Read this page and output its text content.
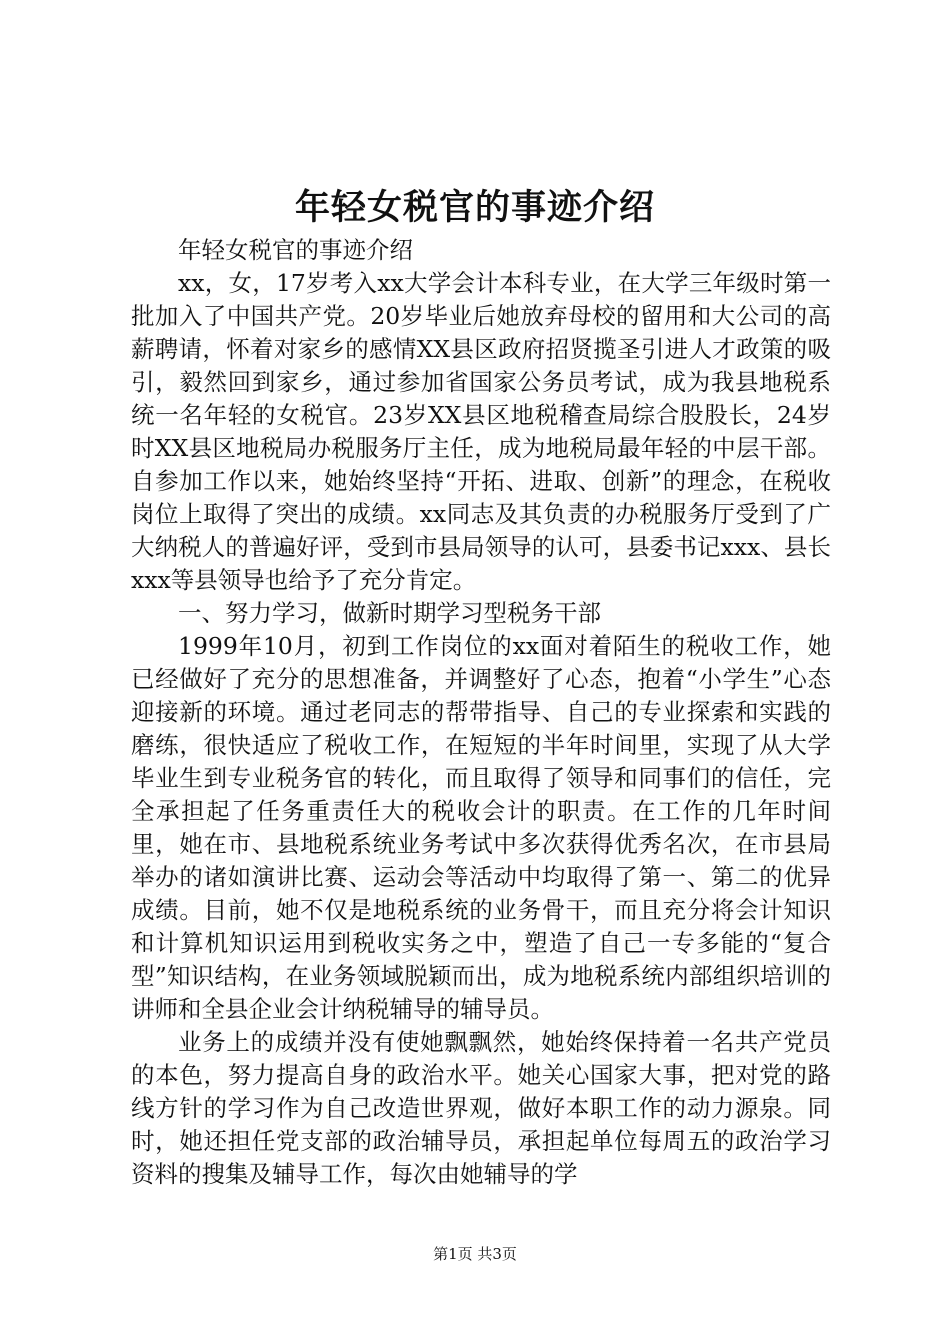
年轻女税官的事迹介绍

年轻女税官的事迹介绍

xx，女，17岁考入xx大学会计本科专业，在大学三年级时第一批加入了中国共产党。20岁毕业后她放弃母校的留用和大公司的高薪聘请，怀着对家乡的感情XX县区政府招贤揽圣引进人才政策的吸引，毅然回到家乡，通过参加省国家公务员考试，成为我县地税系统一名年轻的女税官。23岁XX县区地税稽查局综合股股长，24岁时XX县区地税局办税服务厅主任，成为地税局最年轻的中层干部。自参加工作以来，她始终坚持“开拓、进取、创新”的理念，在税收岗位上取得了突出的成绩。xx同志及其负责的办税服务厅受到了广大纳税人的普遍好评，受到市县局领导的认可，县委书记xxx、县长xxx等县领导也给予了充分肯定。

一、努力学习，做新时期学习型税务干部

1999年10月，初到工作岗位的xx面对着陌生的税收工作，她已经做好了充分的思想准备，并调整好了心态，抱着“小学生”心态迎接新的环境。通过老同志的帮带指导、自己的专业探索和实践的磨练，很快适应了税收工作，在短短的半年时间里，实现了从大学毕业生到专业税务官的转化，而且取得了领导和同事们的信任，完全承担起了任务重责任大的税收会计的职责。在工作的几年时间里，她在市、县地税系统业务考试中多次获得优秀名次，在市县局举办的诸如演讲比赛、运动会等活动中均取得了第一、第二的优异成绩。目前，她不仅是地税系统的业务骨干，而且充分将会计知识和计算机知识运用到税收实务之中，塑造了自己一专多能的“复合型”知识结构，在业务领域脱颖而出，成为地税系统内部组织培训的讲师和全县企业会计纳税辅导的辅导员。

业务上的成绩并没有使她飘飘然，她始终保持着一名共产党员的本色，努力提高自身的政治水平。她关心国家大事，把对党的路线方针的学习作为自己改造世界观，做好本职工作的动力源泉。同时，她还担任党支部的政治辅导员，承担起单位每周五的政治学习资料的搜集及辅导工作，每次由她辅导的学

第1页 共3页
